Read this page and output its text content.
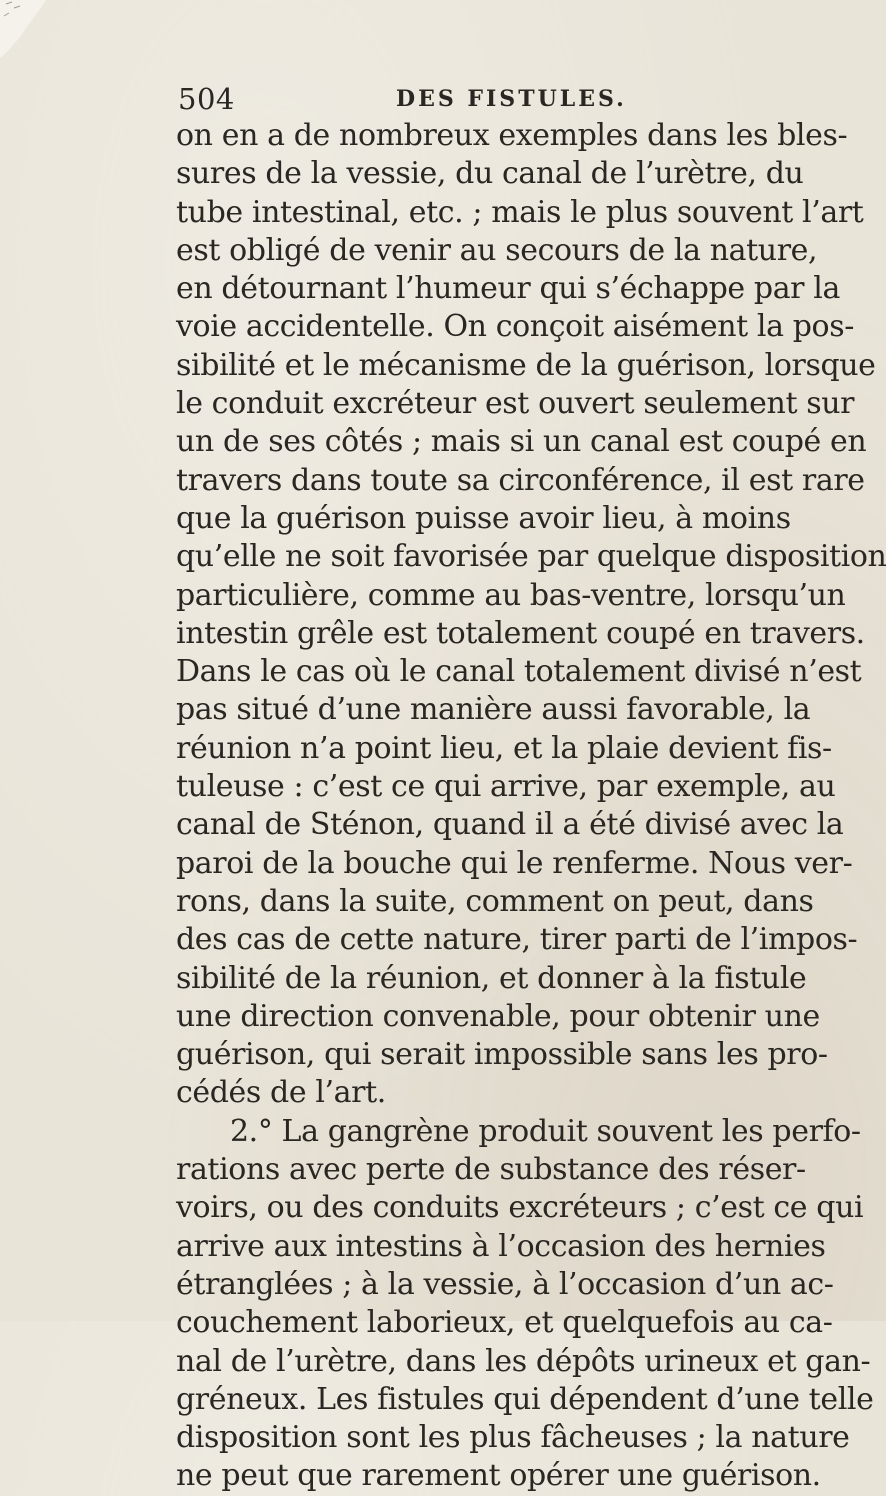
504	DES FISTULES.
on en a de nombreux exemples dans les bles-
sures de la vessie, du canal de l’urètre, du
tube intestinal, etc. ; mais le plus souvent l’art
est obligé de venir au secours de la nature,
en détournant l’humeur qui s’échappe par la
voie accidentelle. On conçoit aisément la pos-
sibilité et le mécanisme de la guérison, lorsque
le conduit excréteur est ouvert seulement sur
un de ses côtés ; mais si un canal est coupé en
travers dans toute sa circonférence, il est rare
que la guérison puisse avoir lieu, à moins
qu’elle ne soit favorisée par quelque disposition
particulière, comme au bas-ventre, lorsqu’un
intestin grêle est totalement coupé en travers.
Dans le cas où le canal totalement divisé n’est
pas situé d’une manière aussi favorable, la
réunion n’a point lieu, et la plaie devient fis-
tuleuse : c’est ce qui arrive, par exemple, au
canal de Sténon, quand il a été divisé avec la
paroi de la bouche qui le renferme. Nous ver-
rons, dans la suite, comment on peut, dans
des cas de cette nature, tirer parti de l’impos-
sibilité de la réunion, et donner à la fistule
une direction convenable, pour obtenir une
guérison, qui serait impossible sans les pro-
cédés de l’art.
2.° La gangrène produit souvent les perfo-
rations avec perte de substance des réser-
voirs, ou des conduits excréteurs ; c’est ce qui
arrive aux intestins à l’occasion des hernies
étranglées ; à la vessie, à l’occasion d’un ac-
couchement laborieux, et quelquefois au ca-
nal de l’urètre, dans les dépôts urineux et gan-
gréneux. Les fistules qui dépendent d’une telle
disposition sont les plus fâcheuses ; la nature
ne peut que rarement opérer une guérison.
